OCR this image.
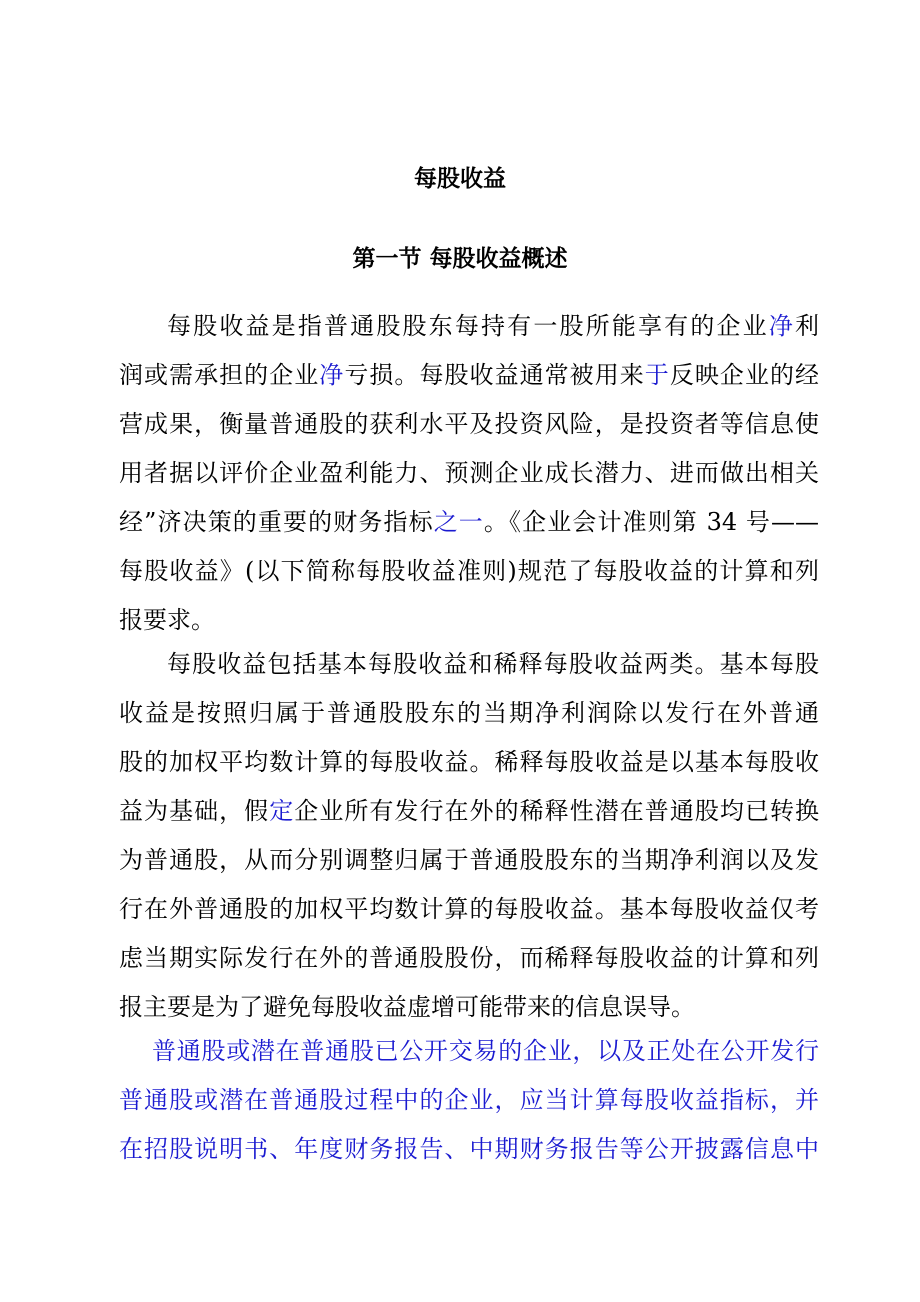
每股收益
第一节 每股收益概述
每股收益是指普通股股东每持有一股所能享有的企业净利
润或需承担的企业净亏损。每股收益通常被用来于反映企业的经
营成果，衡量普通股的获利水平及投资风险，是投资者等信息使
用者据以评价企业盈利能力、预测企业成长潜力、进而做出相关
经”济决策的重要的财务指标之一。《企业会计准则第 34 号——
每股收益》(以下简称每股收益准则)规范了每股收益的计算和列
报要求。
每股收益包括基本每股收益和稀释每股收益两类。基本每股
收益是按照归属于普通股股东的当期净利润除以发行在外普通
股的加权平均数计算的每股收益。稀释每股收益是以基本每股收
益为基础，假定企业所有发行在外的稀释性潜在普通股均已转换
为普通股，从而分别调整归属于普通股股东的当期净利润以及发
行在外普通股的加权平均数计算的每股收益。基本每股收益仅考
虑当期实际发行在外的普通股股份，而稀释每股收益的计算和列
报主要是为了避免每股收益虚增可能带来的信息误导。
普通股或潜在普通股已公开交易的企业，以及正处在公开发行
普通股或潜在普通股过程中的企业，应当计算每股收益指标，并
在招股说明书、年度财务报告、中期财务报告等公开披露信息中
